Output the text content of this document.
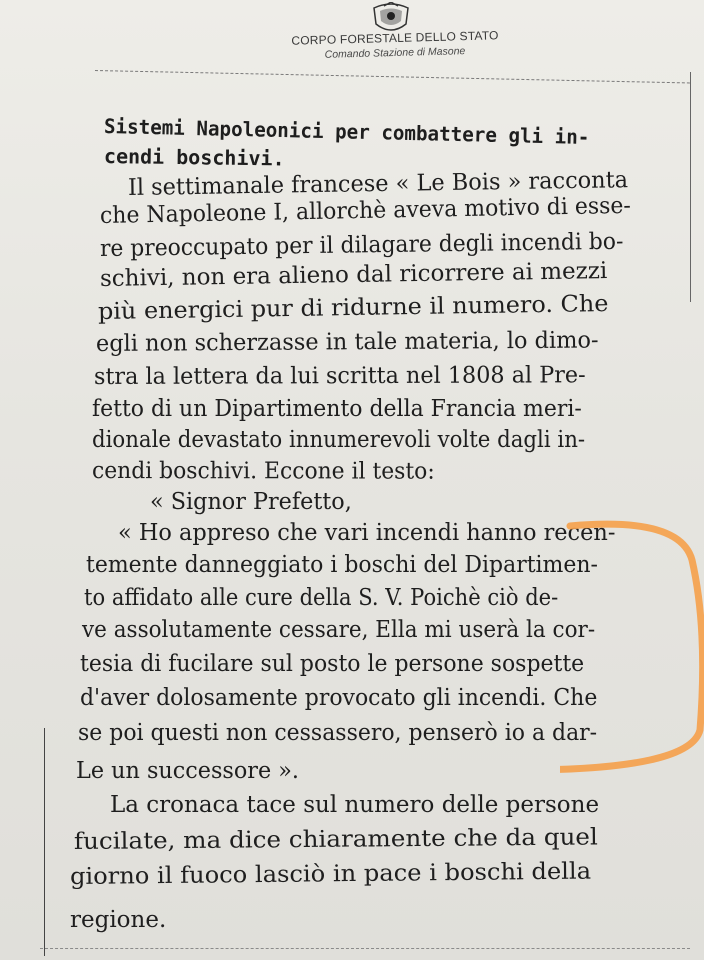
CORPO FORESTALE DELLO STATO
Comando Stazione di Masone
Sistemi Napoleonici per combattere gli in-
cendi boschivi.
Il settimanale francese « Le Bois » racconta
che Napoleone I, allorchè aveva motivo di esse-
re preoccupato per il dilagare degli incendi bo-
schivi, non era alieno dal ricorrere ai mezzi
più energici pur di ridurne il numero. Che
egli non scherzasse in tale materia, lo dimo-
stra la lettera da lui scritta nel 1808 al Pre-
fetto di un Dipartimento della Francia meri-
dionale devastato innumerevoli volte dagli in-
cendi boschivi. Eccone il testo:
« Signor Prefetto,
« Ho appreso che vari incendi hanno recen-
temente danneggiato i boschi del Dipartimen-
to affidato alle cure della S. V. Poichè ciò de-
ve assolutamente cessare, Ella mi userà la cor-
tesia di fucilare sul posto le persone sospette
d'aver dolosamente provocato gli incendi. Che
se poi questi non cessassero, penserò io a dar-
Le un successore ».
La cronaca tace sul numero delle persone
fucilate, ma dice chiaramente che da quel
giorno il fuoco lasciò in pace i boschi della
regione.
